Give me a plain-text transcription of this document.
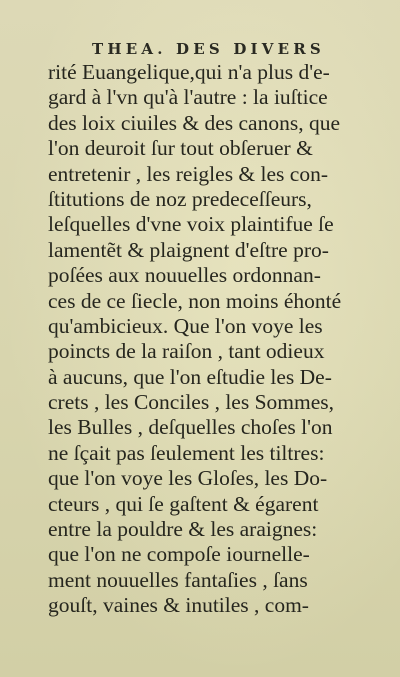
THEA. DES DIVERS
rité Euangelique,qui n'a plus d'e-
gard à l'vn qu'à l'autre : la iuſtice
des loix ciuiles & des canons, que
l'on deuroit ſur tout obſeruer &
entretenir , les reigles & les con-
ſtitutions de noz predeceſſeurs,
leſquelles d'vne voix plaintifue ſe
lamentẽt & plaignent d'eſtre pro-
poſées aux nouuelles ordonnan-
ces de ce ſiecle, non moins éhonté
qu'ambicieux. Que l'on voye les
poincts de la raiſon , tant odieux
à aucuns, que l'on eſtudie les De-
crets , les Conciles , les Sommes,
les Bulles , deſquelles choſes l'on
ne ſçait pas ſeulement les tiltres:
que l'on voye les Gloſes, les Do-
cteurs , qui ſe gaſtent & égarent
entre la pouldre & les araignes:
que l'on ne compoſe iournelle-
ment nouuelles fantaſies , ſans
gouſt, vaines & inutiles , com-
